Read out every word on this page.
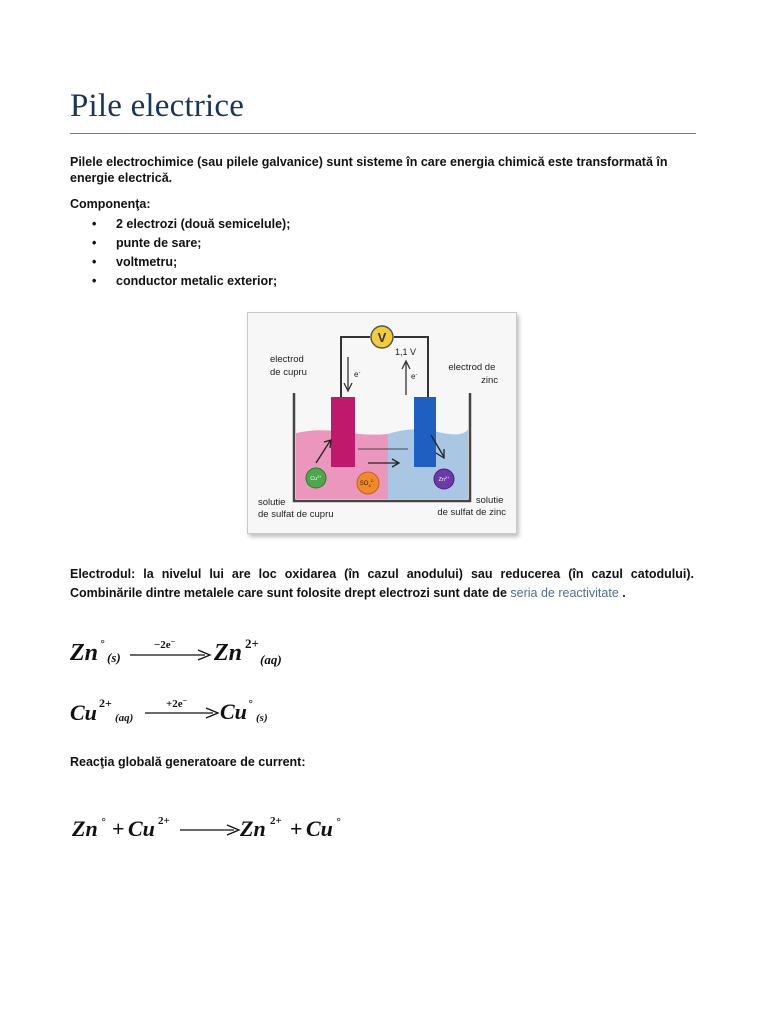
Pile electrice

Pilele electrochimice (sau pilele galvanice) sunt sisteme în care energia chimică este transformată în energie electrică.

Componenţa:

• 2 electrozi (două semicelule);
• punte de sare;
• voltmetru;
• conductor metalic exterior;
V
1,1 V
e-	e-
electrod de cupru	electrod de zinc
$Cu^{2+}$
$SO_4^{2-}$	$Zn^{2+}$
solutie de sulfat de cupru
solutie de sulfat de zinc

Electrodul: la nivelul lui are loc oxidarea (în cazul anodului) sau reducerea (în cazul catodului). Combinările dintre metalele care sunt folosite drept electrozi sunt date de seria de reactivitate .

Zn °
(s)
−2e− Zn 2+
(aq)
Cu 2+
(aq)
+2e− Cu °
(s)

Reacţia globală generatoare de current:

Zn ° + Cu 2+	Zn 2+ + Cu °
